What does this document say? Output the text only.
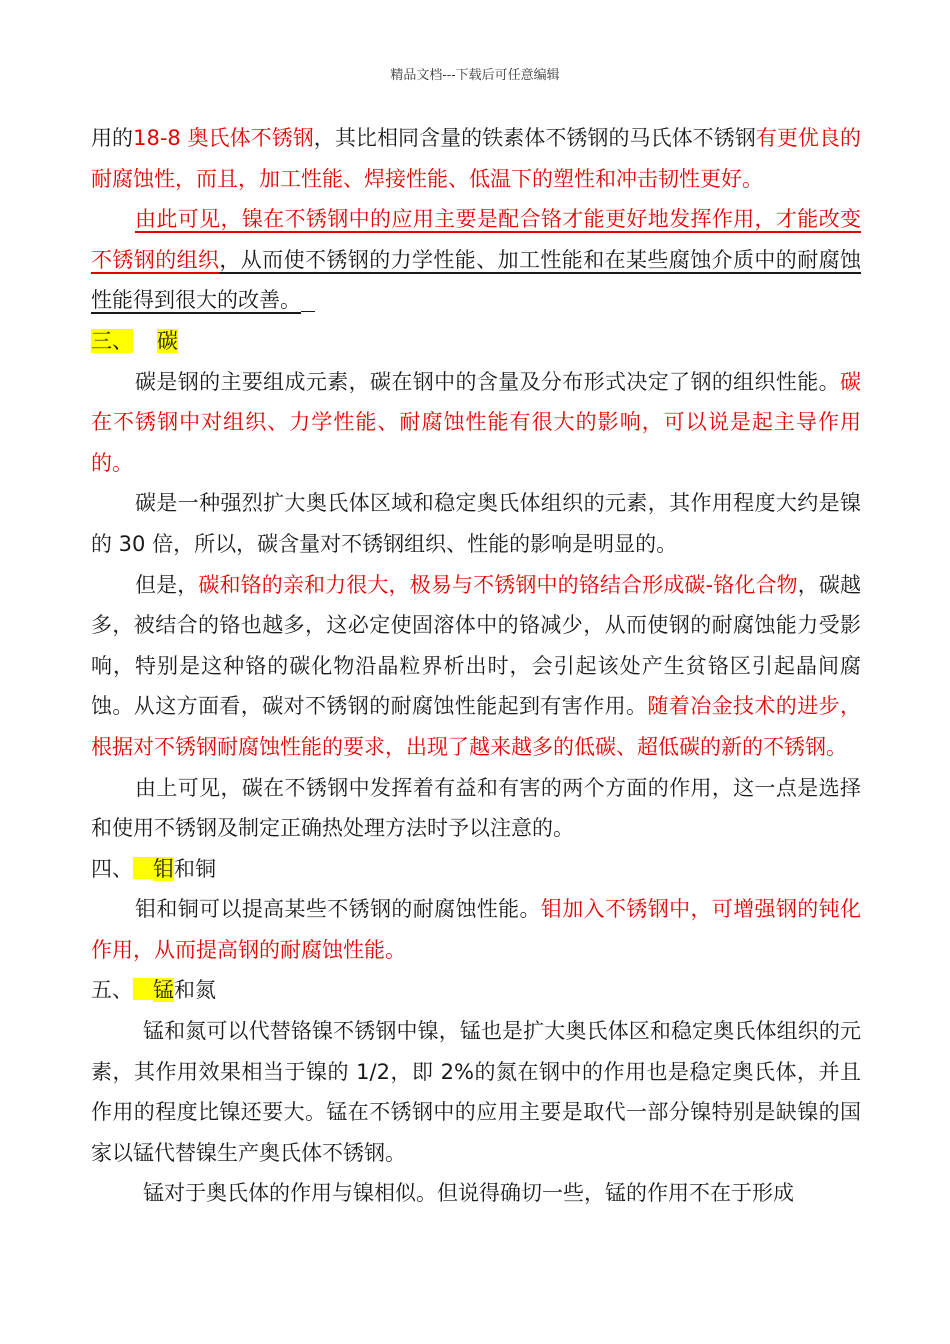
精品文档---下载后可任意编辑

用的18-8 奥氏体不锈钢，其比相同含量的铁素体不锈钢的马氏体不锈钢有更优良的耐腐蚀性，而且，加工性能、焊接性能、低温下的塑性和冲击韧性更好。

由此可见，镍在不锈钢中的应用主要是配合铬才能更好地发挥作用，才能改变不锈钢的组织，从而使不锈钢的力学性能、加工性能和在某些腐蚀介质中的耐腐蚀性能得到很大的改善。

三、 碳

碳是钢的主要组成元素，碳在钢中的含量及分布形式决定了钢的组织性能。碳在不锈钢中对组织、力学性能、耐腐蚀性能有很大的影响，可以说是起主导作用的。

碳是一种强烈扩大奥氏体区域和稳定奥氏体组织的元素，其作用程度大约是镍的 30 倍，所以，碳含量对不锈钢组织、性能的影响是明显的。

但是，碳和铬的亲和力很大，极易与不锈钢中的铬结合形成碳-铬化合物，碳越多，被结合的铬也越多，这必定使固溶体中的铬减少，从而使钢的耐腐蚀能力受影响，特别是这种铬的碳化物沿晶粒界析出时，会引起该处产生贫铬区引起晶间腐蚀。从这方面看，碳对不锈钢的耐腐蚀性能起到有害作用。随着冶金技术的进步，根据对不锈钢耐腐蚀性能的要求，出现了越来越多的低碳、超低碳的新的不锈钢。

由上可见，碳在不锈钢中发挥着有益和有害的两个方面的作用，这一点是选择和使用不锈钢及制定正确热处理方法时予以注意的。

四、 钼和铜

钼和铜可以提高某些不锈钢的耐腐蚀性能。钼加入不锈钢中，可增强钢的钝化作用，从而提高钢的耐腐蚀性能。

五、 锰和氮

锰和氮可以代替铬镍不锈钢中镍，锰也是扩大奥氏体区和稳定奥氏体组织的元素，其作用效果相当于镍的 1/2，即 2%的氮在钢中的作用也是稳定奥氏体，并且作用的程度比镍还要大。锰在不锈钢中的应用主要是取代一部分镍特别是缺镍的国家以锰代替镍生产奥氏体不锈钢。

锰对于奥氏体的作用与镍相似。但说得确切一些，锰的作用不在于形成
